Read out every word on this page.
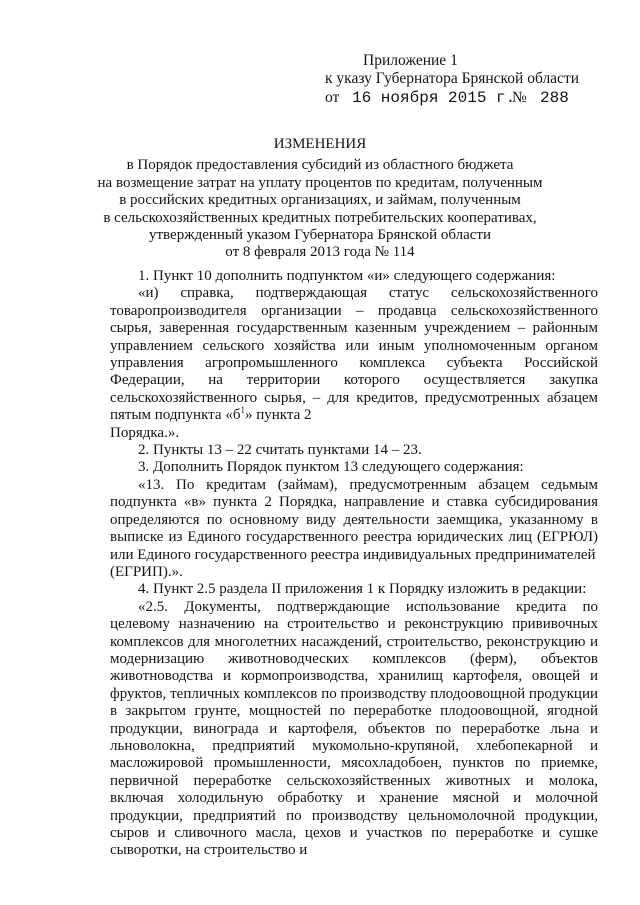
Приложение 1
к указу Губернатора Брянской области
от 16 ноября 2015 г.
№ 288
ИЗМЕНЕНИЯ
в Порядок предоставления субсидий из областного бюджета
на возмещение затрат на уплату процентов по кредитам, полученным
в российских кредитных организациях, и займам, полученным
в сельскохозяйственных кредитных потребительских кооперативах,
утвержденный указом Губернатора Брянской области
от 8 февраля 2013 года № 114

1. Пункт 10 дополнить подпунктом «и» следующего содержания:

«и) справка, подтверждающая статус сельскохозяйственного товаропроизводителя организации – продавца сельскохозяйственного сырья, заверенная государственным казенным учреждением – районным управлением сельского хозяйства или иным уполномоченным органом управления агропромышленного комплекса субъекта Российской Федерации, на территории которого осуществляется закупка сельскохозяйственного сырья, – для кредитов, предусмотренных абзацем пятым подпункта «$б^1$» пункта 2

Порядка.».

2. Пункты 13 – 22 считать пунктами 14 – 23.

3. Дополнить Порядок пунктом 13 следующего содержания:

«13. По кредитам (займам), предусмотренным абзацем седьмым подпункта «в» пункта 2 Порядка, направление и ставка субсидирования определяются по основному виду деятельности заемщика, указанному в выписке из Единого государственного реестра юридических лиц (ЕГРЮЛ) или Единого государственного реестра индивидуальных предпринимателей

(ЕГРИП).».

4. Пункт 2.5 раздела II приложения 1 к Порядку изложить в редакции:

«2.5. Документы, подтверждающие использование кредита по целевому назначению на строительство и реконструкцию прививочных комплексов для многолетних насаждений, строительство, реконструкцию и модернизацию животноводческих комплексов (ферм), объектов животноводства и кормопроизводства, хранилищ картофеля, овощей и фруктов, тепличных комплексов по производству плодоовощной продукции в закрытом грунте, мощностей по переработке плодоовощной, ягодной продукции, винограда и картофеля, объектов по переработке льна и льноволокна, предприятий мукомольно-крупяной, хлебопекарной и масложировой промышленности, мясохладобоен, пунктов по приемке, первичной переработке сельскохозяйственных животных и молока, включая холодильную обработку и хранение мясной и молочной продукции, предприятий по производству цельномолочной продукции, сыров и сливочного масла, цехов и участков по переработке и сушке сыворотки, на строительство и
